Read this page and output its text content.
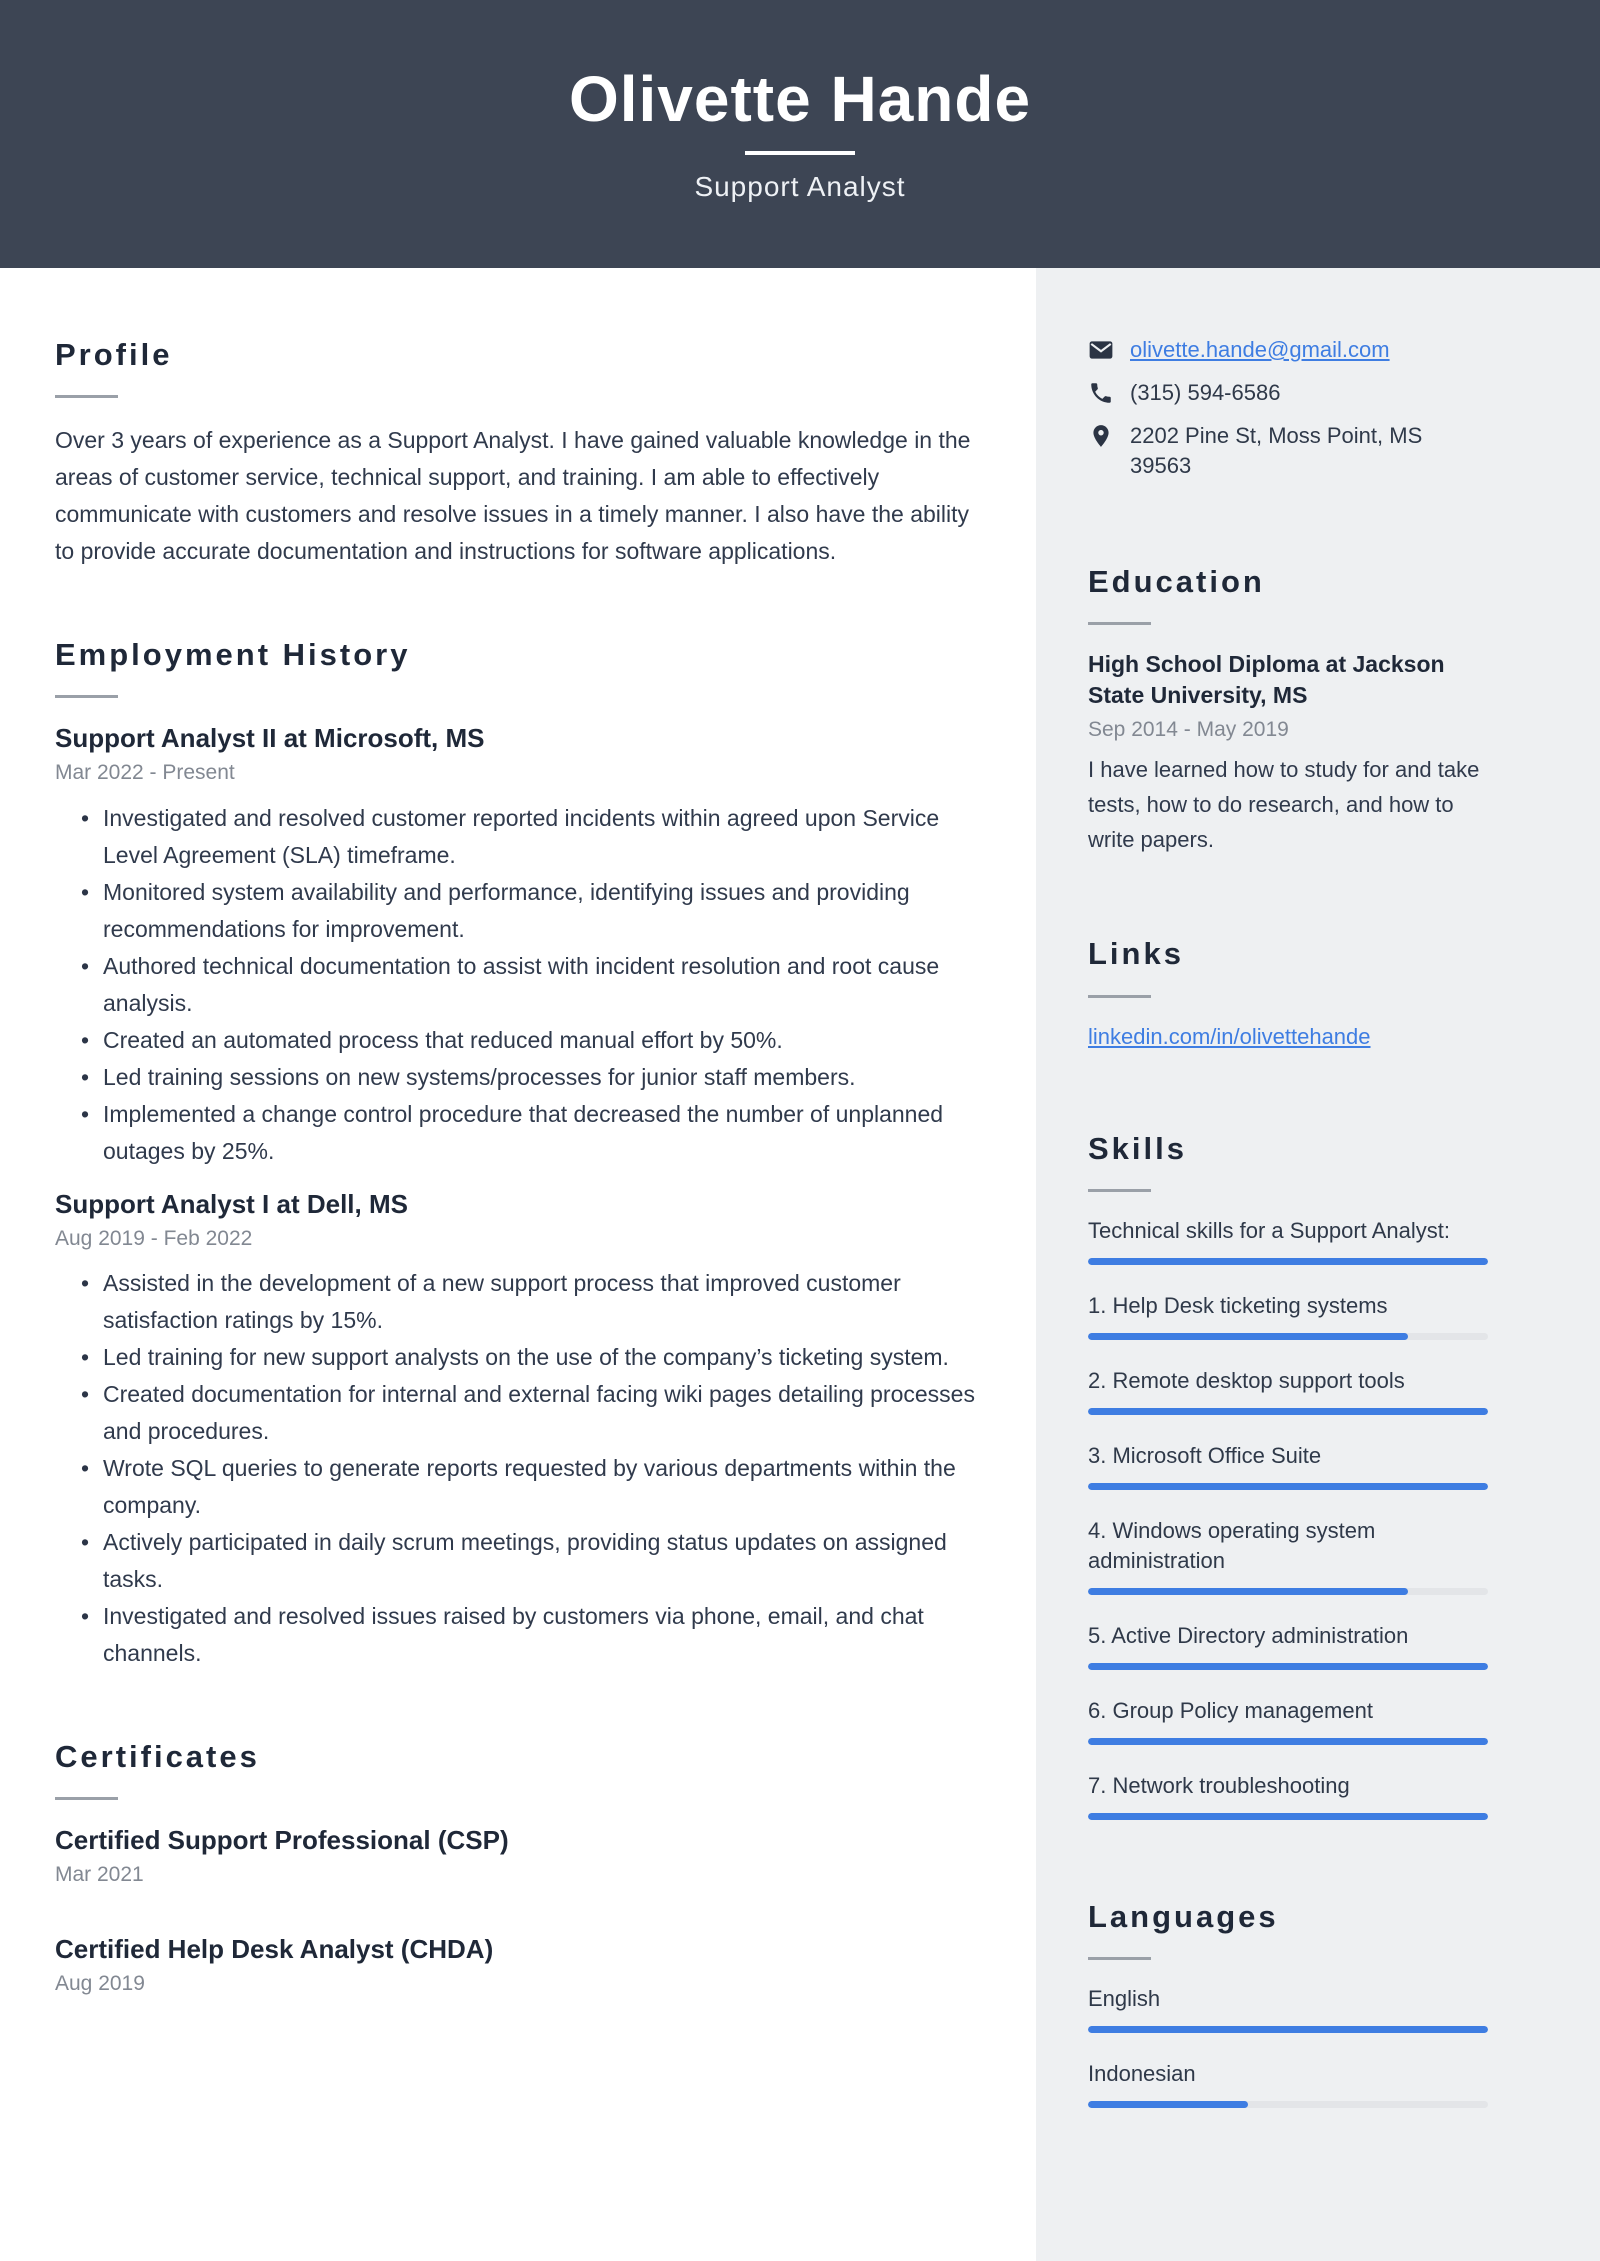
Olivette Hande
Support Analyst
Profile

Over 3 years of experience as a Support Analyst. I have gained valuable knowledge in the areas of customer service, technical support, and training. I am able to effectively communicate with customers and resolve issues in a timely manner. I also have the ability to provide accurate documentation and instructions for software applications.

Employment History
Support Analyst II at Microsoft, MS
Mar 2022 - Present
• Investigated and resolved customer reported incidents within agreed upon Service Level Agreement (SLA) timeframe.
• Monitored system availability and performance, identifying issues and providing recommendations for improvement.
• Authored technical documentation to assist with incident resolution and root cause analysis.
• Created an automated process that reduced manual effort by 50%.
• Led training sessions on new systems/processes for junior staff members.
• Implemented a change control procedure that decreased the number of unplanned outages by 25%.
Support Analyst I at Dell, MS
Aug 2019 - Feb 2022
• Assisted in the development of a new support process that improved customer satisfaction ratings by 15%.
• Led training for new support analysts on the use of the company’s ticketing system.
• Created documentation for internal and external facing wiki pages detailing processes and procedures.
• Wrote SQL queries to generate reports requested by various departments within the company.
• Actively participated in daily scrum meetings, providing status updates on assigned tasks.
• Investigated and resolved issues raised by customers via phone, email, and chat channels.
Certificates
Certified Support Professional (CSP)
Mar 2021
Certified Help Desk Analyst (CHDA)
Aug 2019
olivette.hande@gmail.com
(315) 594-6586
2202 Pine St, Moss Point, MS 39563
Education
High School Diploma at Jackson State University, MS
Sep 2014 - May 2019
I have learned how to study for and take tests, how to do research, and how to write papers.
Links
linkedin.com/in/olivettehande
Skills
Technical skills for a Support Analyst:
1. Help Desk ticketing systems
2. Remote desktop support tools
3. Microsoft Office Suite
4. Windows operating system administration
5. Active Directory administration
6. Group Policy management
7. Network troubleshooting
Languages
English
Indonesian
